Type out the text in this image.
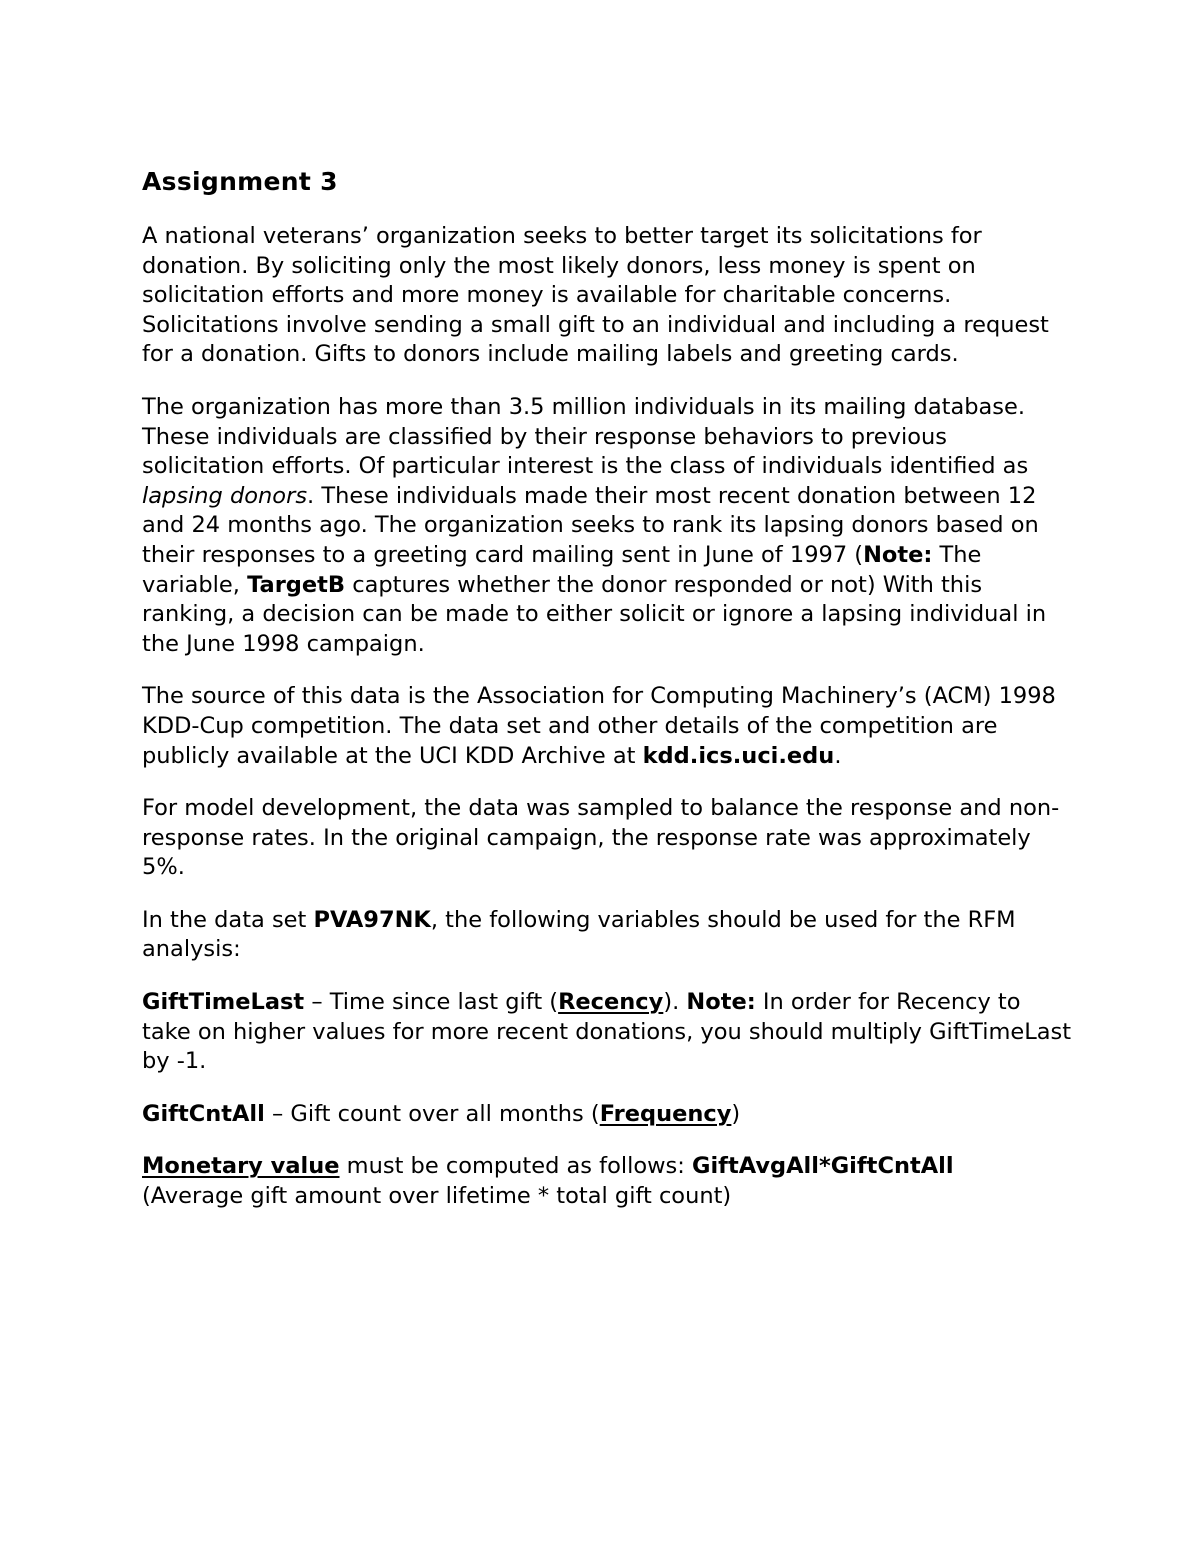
Assignment 3
A national veterans’ organization seeks to better target its solicitations for donation. By soliciting only the most likely donors, less money is spent on solicitation efforts and more money is available for charitable concerns. Solicitations involve sending a small gift to an individual and including a request for a donation. Gifts to donors include mailing labels and greeting cards.
The organization has more than 3.5 million individuals in its mailing database. These individuals are classified by their response behaviors to previous solicitation efforts. Of particular interest is the class of individuals identified as lapsing donors. These individuals made their most recent donation between 12 and 24 months ago. The organization seeks to rank its lapsing donors based on their responses to a greeting card mailing sent in June of 1997 (Note: The variable, TargetB captures whether the donor responded or not) With this ranking, a decision can be made to either solicit or ignore a lapsing individual in the June 1998 campaign.
The source of this data is the Association for Computing Machinery’s (ACM) 1998 KDD-Cup competition. The data set and other details of the competition are publicly available at the UCI KDD Archive at kdd.ics.uci.edu.
For model development, the data was sampled to balance the response and non-response rates. In the original campaign, the response rate was approximately 5%.
In the data set PVA97NK, the following variables should be used for the RFM analysis:
GiftTimeLast – Time since last gift (Recency). Note: In order for Recency to take on higher values for more recent donations, you should multiply GiftTimeLast by -1.
GiftCntAll – Gift count over all months (Frequency)
Monetary value must be computed as follows: GiftAvgAll*GiftCntAll
(Average gift amount over lifetime * total gift count)
